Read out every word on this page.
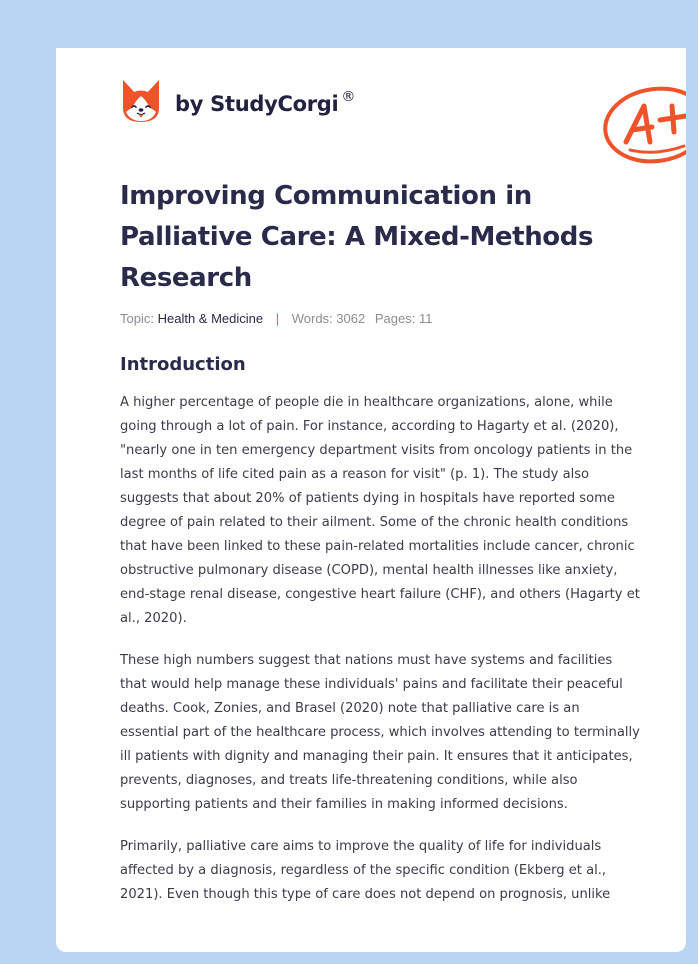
by StudyCorgi ®
Improving Communication in Palliative Care: A Mixed-Methods Research
Topic: Health & Medicine | Words: 3062 Pages: 11
Introduction

A higher percentage of people die in healthcare organizations, alone, while going through a lot of pain. For instance, according to Hagarty et al. (2020), "nearly one in ten emergency department visits from oncology patients in the last months of life cited pain as a reason for visit" (p. 1). The study also suggests that about 20% of patients dying in hospitals have reported some degree of pain related to their ailment. Some of the chronic health conditions that have been linked to these pain-related mortalities include cancer, chronic obstructive pulmonary disease (COPD), mental health illnesses like anxiety, end-stage renal disease, congestive heart failure (CHF), and others (Hagarty et al., 2020).

These high numbers suggest that nations must have systems and facilities that would help manage these individuals' pains and facilitate their peaceful deaths. Cook, Zonies, and Brasel (2020) note that palliative care is an essential part of the healthcare process, which involves attending to terminally ill patients with dignity and managing their pain. It ensures that it anticipates, prevents, diagnoses, and treats life-threatening conditions, while also supporting patients and their families in making informed decisions.

Primarily, palliative care aims to improve the quality of life for individuals affected by a diagnosis, regardless of the specific condition (Ekberg et al., 2021). Even though this type of care does not depend on prognosis, unlike
